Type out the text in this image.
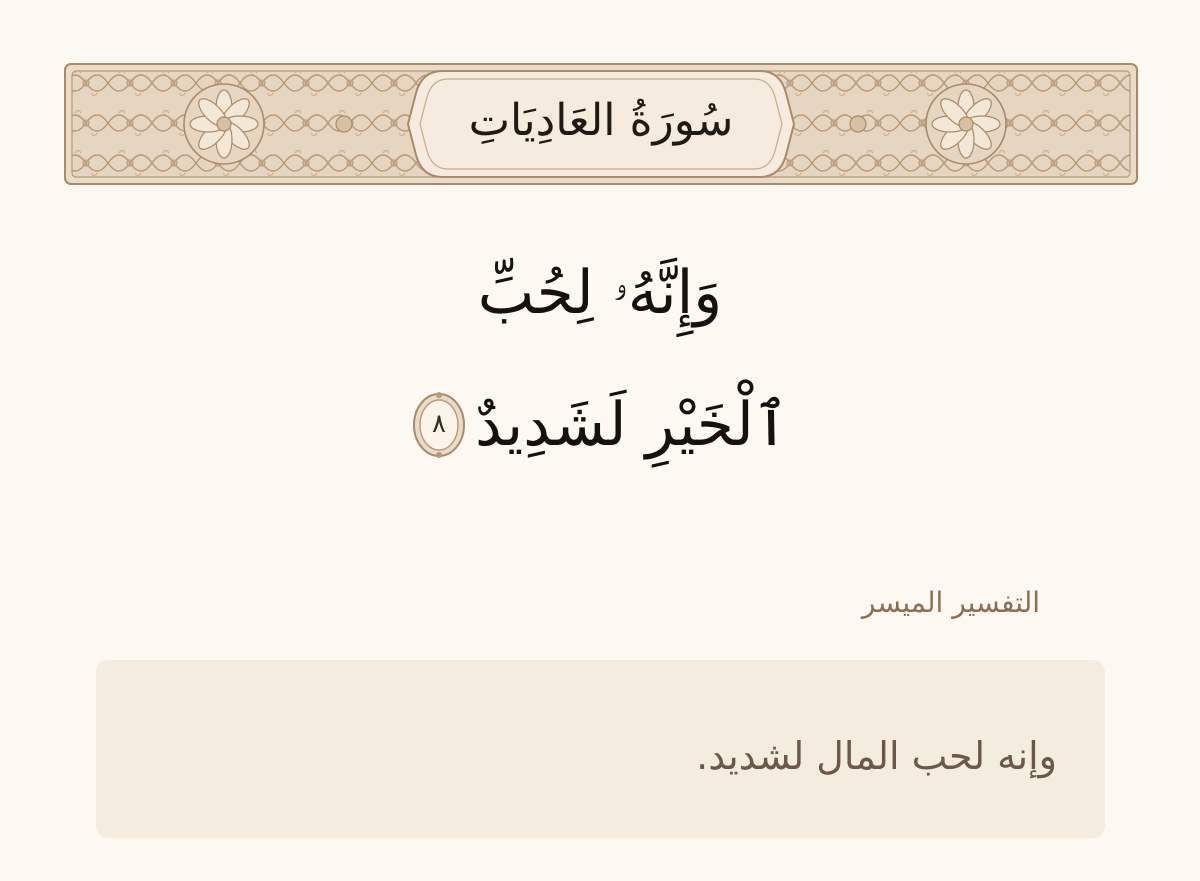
سُورَةُ العَادِيَاتِ
وَإِنَّهُۥ لِحُبِّ
ٱلْخَيْرِ لَشَدِيدٌ
٨
التفسير الميسر
وإنه لحب المال لشديد.
